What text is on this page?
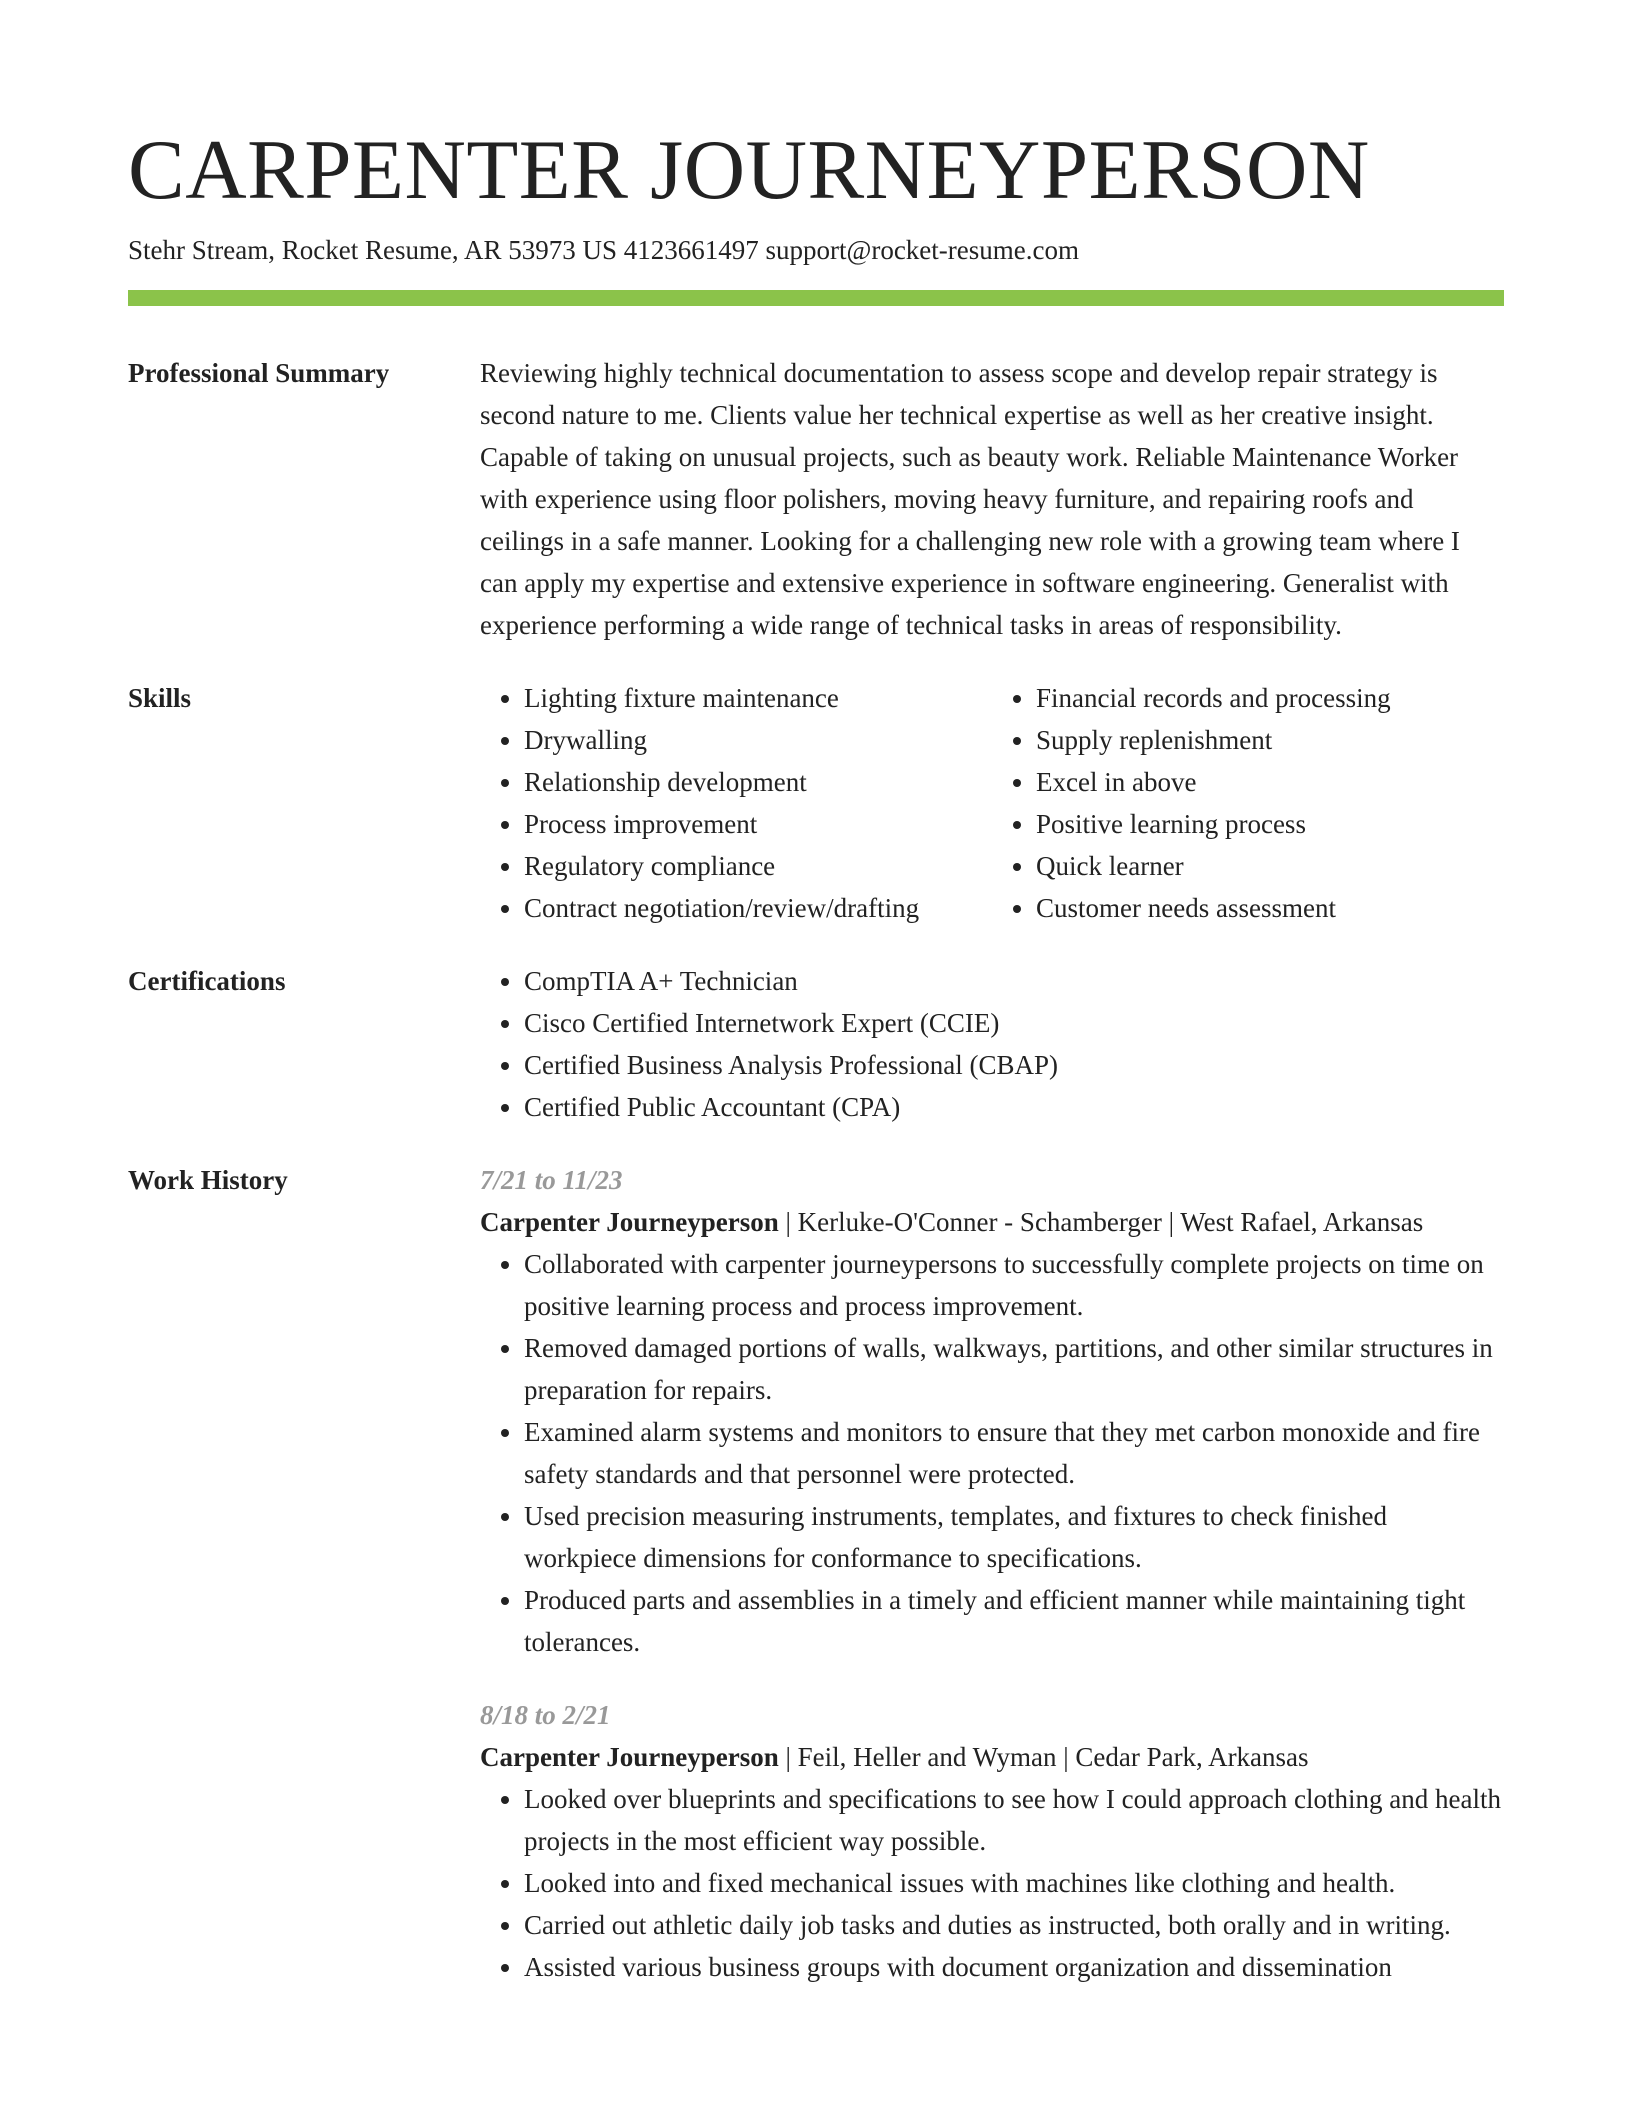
CARPENTER JOURNEYPERSON
Stehr Stream, Rocket Resume, AR 53973 US 4123661497 support@rocket-resume.com
Professional Summary	Reviewing highly technical documentation to assess scope and develop repair strategy is second nature to me. Clients value her technical expertise as well as her creative insight. Capable of taking on unusual projects, such as beauty work. Reliable Maintenance Worker with experience using floor polishers, moving heavy furniture, and repairing roofs and ceilings in a safe manner. Looking for a challenging new role with a growing team where I can apply my expertise and extensive experience in software engineering. Generalist with experience performing a wide range of technical tasks in areas of responsibility.

Skills	• Lighting fixture maintenance
• Drywalling
• Relationship development
• Process improvement
• Regulatory compliance
• Contract negotiation/review/drafting
• Financial records and processing
• Supply replenishment
• Excel in above
• Positive learning process
• Quick learner
• Customer needs assessment
Certifications	• CompTIA A+ Technician
• Cisco Certified Internetwork Expert (CCIE)
• Certified Business Analysis Professional (CBAP)
• Certified Public Accountant (CPA)
Work History	7/21 to 11/23
Carpenter Journeyperson | Kerluke-O'Conner - Schamberger | West Rafael, Arkansas
• Collaborated with carpenter journeypersons to successfully complete projects on time on positive learning process and process improvement.
• Removed damaged portions of walls, walkways, partitions, and other similar structures in preparation for repairs.
• Examined alarm systems and monitors to ensure that they met carbon monoxide and fire safety standards and that personnel were protected.
• Used precision measuring instruments, templates, and fixtures to check finished workpiece dimensions for conformance to specifications.
• Produced parts and assemblies in a timely and efficient manner while maintaining tight tolerances.
8/18 to 2/21
Carpenter Journeyperson | Feil, Heller and Wyman | Cedar Park, Arkansas
• Looked over blueprints and specifications to see how I could approach clothing and health projects in the most efficient way possible.
• Looked into and fixed mechanical issues with machines like clothing and health.
• Carried out athletic daily job tasks and duties as instructed, both orally and in writing.
• Assisted various business groups with document organization and dissemination
